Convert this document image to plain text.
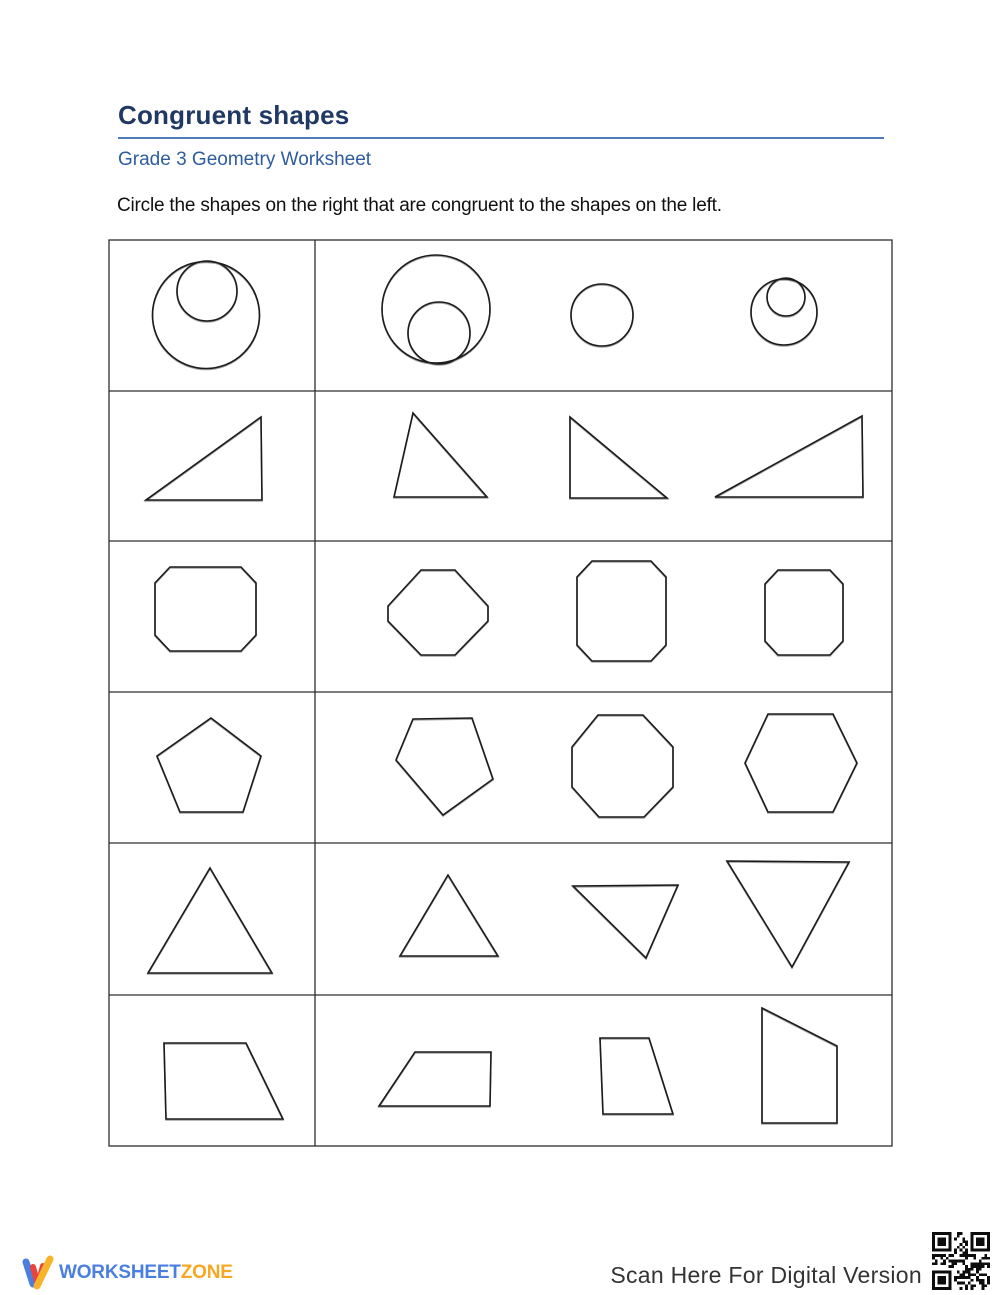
Congruent shapes
Grade 3 Geometry Worksheet
Circle the shapes on the right that are congruent to the shapes on the left.
WORKSHEETZONE	Scan Here For Digital Version
